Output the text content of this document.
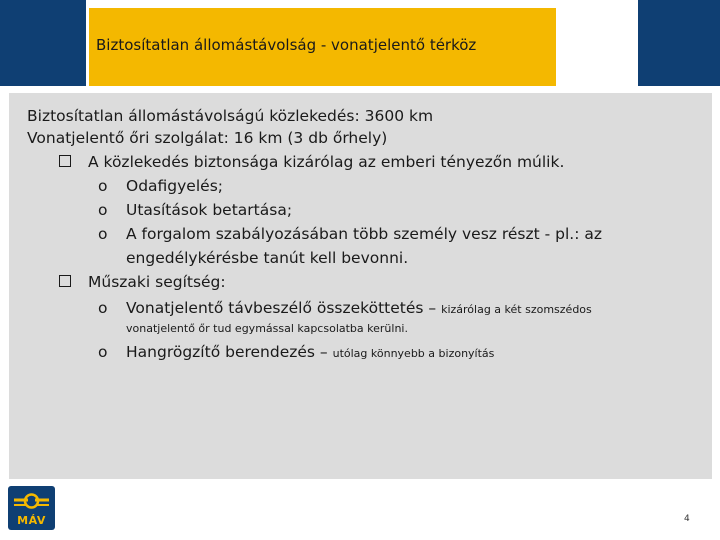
Biztosítatlan állomástávolság - vonatjelentő térköz
Biztosítatlan állomástávolságú közlekedés: 3600 km
Vonatjelentő őri szolgálat: 16 km (3 db őrhely)
A közlekedés biztonsága kizárólag az emberi tényezőn múlik.
o Odafigyelés;
o Utasítások betartása;
o A forgalom szabályozásában több személy vesz részt - pl.: az
engedélykérésbe tanút kell bevonni.
Műszaki segítség:
o Vonatjelentő távbeszélő összeköttetés – kizárólag a két szomszédos
vonatjelentő őr tud egymással kapcsolatba kerülni.
o Hangrögzítő berendezés – utólag könnyebb a bizonyítás
MÁV	4
